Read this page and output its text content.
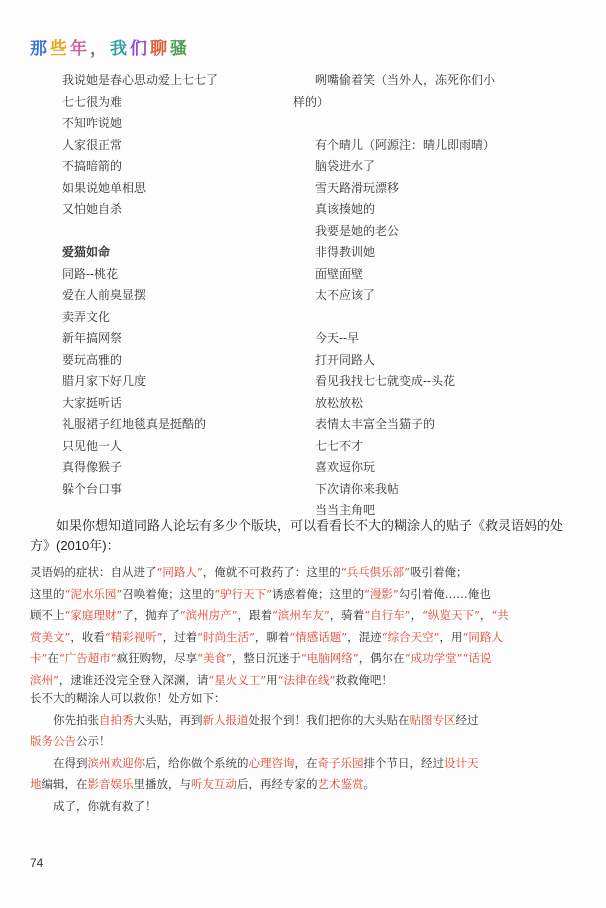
那些年，我们聊骚
我说她是春心思动爱上七七了
七七很为难
不知咋说她
人家很正常
不搞暗箭的
如果说她单相思
又怕她自杀
爱猫如命
同路--桃花
爱在人前臭显摆
卖弄文化
新年搞网祭
要玩高雅的
腊月家下好几度
大家挺听话
礼服裙子红地毯真是挺酷的
只见他一人
真得像猴子
躲个台口事
咧嘴偷着笑（当外人，冻死你们小
样的）
有个晴儿（阿源注：晴儿即雨晴）
脑袋进水了
雪天路滑玩漂移
真该揍她的
我要是她的老公
非得教训她
面壁面壁
太不应该了
今天--早
打开同路人
看见我找七七就变成--头花
放松放松
表情太丰富全当猫子的
七七不才
喜欢逗你玩
下次请你来我帖
当当主角吧
如果你想知道同路人论坛有多少个版块，可以看看长不大的糊涂人的贴子《救灵语妈的处方》(2010年)：
灵语妈的症状：自从进了“同路人”，俺就不可救药了：这里的“兵乓俱乐部”吸引着俺；
这里的“泥水乐园”召唤着俺；这里的“驴行天下”诱惑着俺；这里的“漫影”勾引着俺……俺也
顾不上“家庭理财”了，抛弃了“滨州房产”，跟着“滨州车友”，骑着“自行车”，“纵览天下”，“共
赏美文”，收看“精彩视听”，过着“时尚生活”，聊着“情感话题”，混迹“综合天空”，用“同路人
卡”在“广告超市”疯狂购物，尽享“美食”，整日沉迷于“电脑网络”，偶尔在“成功学堂”“话说
滨州”，逮谁还没完全登入深渊，请“星火义工”用“法律在线”救救俺吧！
长不大的糊涂人可以救你！处方如下：
　　你先拍张自拍秀大头贴，再到新人报道处报个到！我们把你的大头贴在贴图专区经过
版务公告公示！
　　在得到滨州欢迎你后，给你做个系统的心理咨询，在奇子乐园排个节日，经过设计天
地编辑，在影音娱乐里播放，与听友互动后，再经专家的艺术鉴赏。
　　成了，你就有救了！
74
